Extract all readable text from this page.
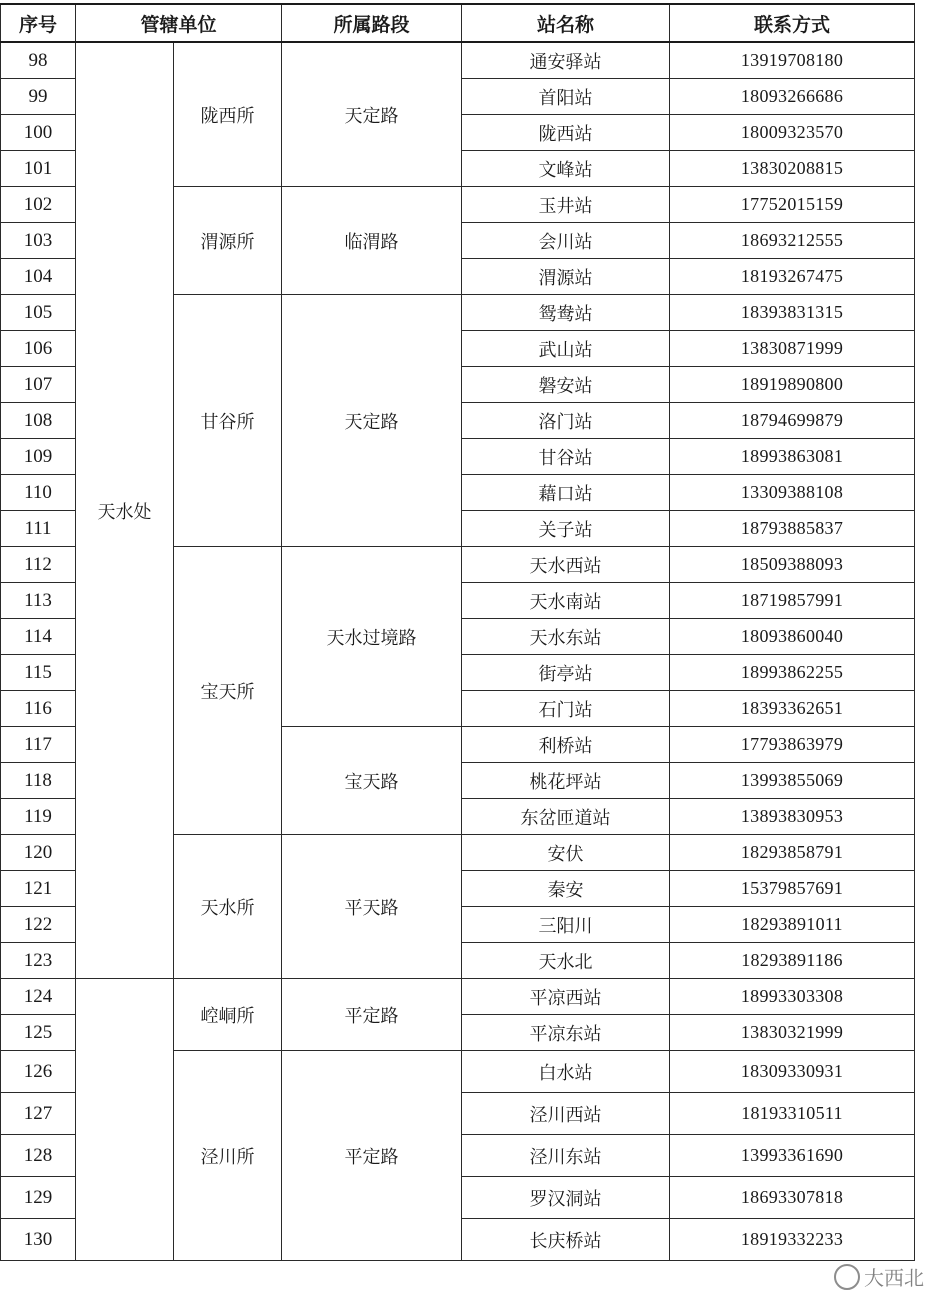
序号	管辖单位		所属路段	站名称	联系方式
98	天水处	陇西所	天定路	通安驿站	13919708180
99				首阳站	18093266686
100				陇西站	18009323570
101				文峰站	13830208815
102		渭源所	临渭路	玉井站	17752015159
103				会川站	18693212555
104				渭源站	18193267475
105		甘谷所	天定路	鸳鸯站	18393831315
106				武山站	13830871999
107				磐安站	18919890800
108				洛门站	18794699879
109				甘谷站	18993863081
110				藉口站	13309388108
111				关子站	18793885837
112		宝天所	天水过境路	天水西站	18509388093
113				天水南站	18719857991
114				天水东站	18093860040
115				街亭站	18993862255
116				石门站	18393362651
117			宝天路	利桥站	17793863979
118				桃花坪站	13993855069
119				东岔匝道站	13893830953
120		天水所	平天路	安伏	18293858791
121				秦安	15379857691
122				三阳川	18293891011
123				天水北	18293891186
124		崆峒所	平定路	平凉西站	18993303308
125				平凉东站	13830321999
126		泾川所	平定路	白水站	18309330931
127				泾川西站	18193310511
128				泾川东站	13993361690
129				罗汉洞站	18693307818
130				长庆桥站	18919332233
大西北
